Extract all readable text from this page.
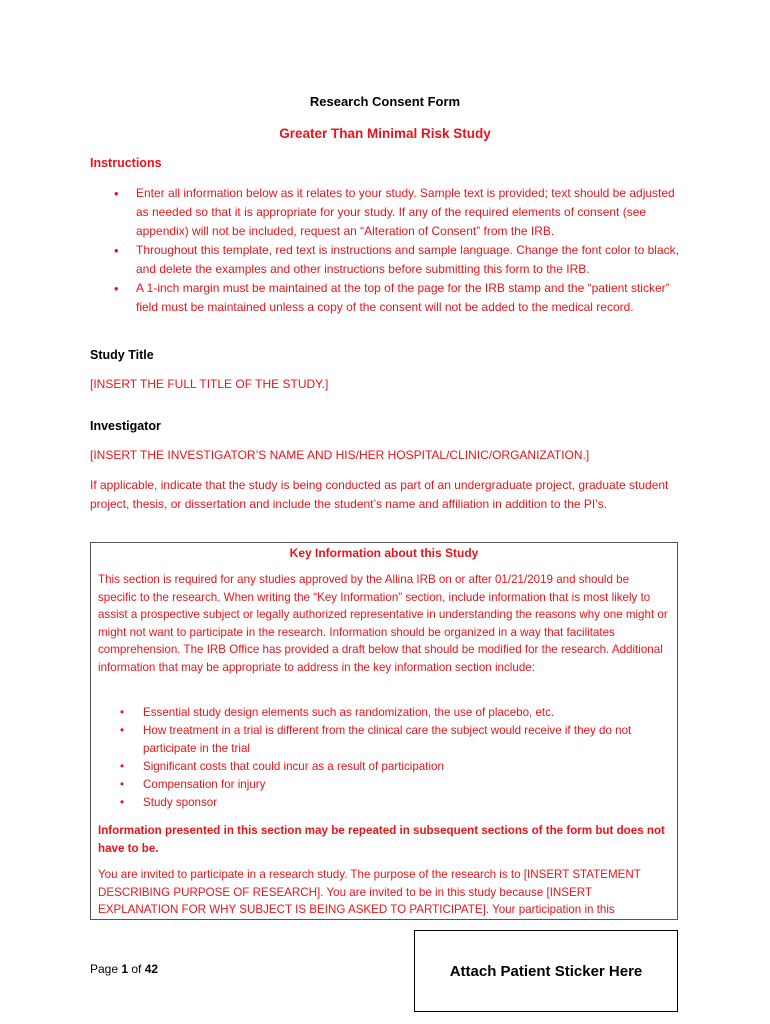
Research Consent Form
Greater Than Minimal Risk Study
Instructions
• Enter all information below as it relates to your study. Sample text is provided; text should be adjusted as needed so that it is appropriate for your study. If any of the required elements of consent (see appendix) will not be included, request an “Alteration of Consent” from the IRB.
• Throughout this template, red text is instructions and sample language. Change the font color to black, and delete the examples and other instructions before submitting this form to the IRB.
• A 1-inch margin must be maintained at the top of the page for the IRB stamp and the “patient sticker” field must be maintained unless a copy of the consent will not be added to the medical record.
Study Title
[INSERT THE FULL TITLE OF THE STUDY.]
Investigator
[INSERT THE INVESTIGATOR’S NAME AND HIS/HER HOSPITAL/CLINIC/ORGANIZATION.]

If applicable, indicate that the study is being conducted as part of an undergraduate project, graduate student project, thesis, or dissertation and include the student’s name and affiliation in addition to the PI’s.

Key Information about this Study

This section is required for any studies approved by the Allina IRB on or after 01/21/2019 and should be specific to the research. When writing the “Key Information” section, include information that is most likely to assist a prospective subject or legally authorized representative in understanding the reasons why one might or might not want to participate in the research. Information should be organized in a way that facilitates comprehension. The IRB Office has provided a draft below that should be modified for the research. Additional information that may be appropriate to address in the key information section include:

• Essential study design elements such as randomization, the use of placebo, etc.
• How treatment in a trial is different from the clinical care the subject would receive if they do not participate in the trial
• Significant costs that could incur as a result of participation
• Compensation for injury
• Study sponsor

Information presented in this section may be repeated in subsequent sections of the form but does not have to be.

You are invited to participate in a research study. The purpose of the research is to [INSERT STATEMENT DESCRIBING PURPOSE OF RESEARCH]. You are invited to be in this study because [INSERT EXPLANATION FOR WHY SUBJECT IS BEING ASKED TO PARTICIPATE]. Your participation in this

Page 1 of 42	Attach Patient Sticker Here
